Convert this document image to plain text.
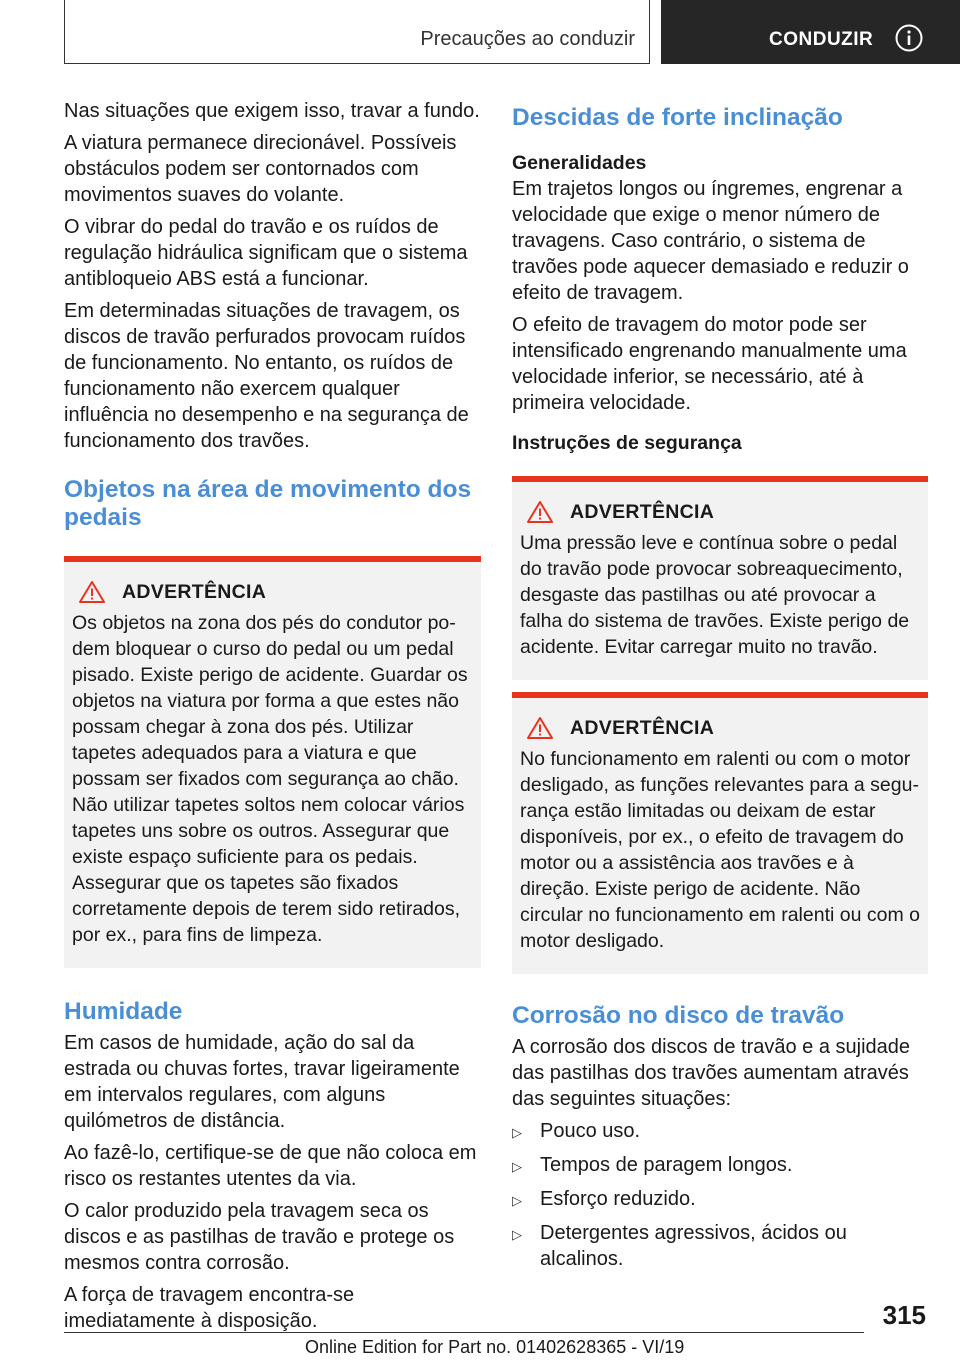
Precauções ao conduzir	CONDUZIR

Nas situações que exigem isso, travar a fundo.

A viatura permanece direcionável. Possíveis obstáculos podem ser contornados com movimentos suaves do volante.

O vibrar do pedal do travão e os ruídos de regulação hidráulica significam que o sistema antibloqueio ABS está a funcionar.

Em determinadas situações de travagem, os discos de travão perfurados provocam ruídos de funcionamento. No entanto, os ruídos de funcionamento não exercem qualquer influência no desempenho e na segurança de funcionamento dos travões.

Objetos na área de movimento dos pedais
ADVERTÊNCIA

Os objetos na zona dos pés do condutor podem bloquear o curso do pedal ou um pedal pisado. Existe perigo de acidente. Guardar os objetos na viatura por forma a que estes não possam chegar à zona dos pés. Utilizar tapetes adequados para a viatura e que possam ser fixados com segurança ao chão. Não utilizar tapetes soltos nem colocar vários tapetes uns sobre os outros. Assegurar que existe espaço suficiente para os pedais. Assegurar que os tapetes são fixados corretamente depois de terem sido retirados, por ex., para fins de limpeza.

Humidade

Em casos de humidade, ação do sal da estrada ou chuvas fortes, travar ligeiramente em intervalos regulares, com alguns quilómetros de distância.

Ao fazê-lo, certifique-se de que não coloca em risco os restantes utentes da via.

O calor produzido pela travagem seca os discos e as pastilhas de travão e protege os mesmos contra corrosão.

A força de travagem encontra-se imediatamente à disposição.

Descidas de forte inclinação
Generalidades

Em trajetos longos ou íngremes, engrenar a velocidade que exige o menor número de travagens. Caso contrário, o sistema de travões pode aquecer demasiado e reduzir o efeito de travagem.

O efeito de travagem do motor pode ser intensificado engrenando manualmente uma velocidade inferior, se necessário, até à primeira velocidade.

Instruções de segurança
ADVERTÊNCIA

Uma pressão leve e contínua sobre o pedal do travão pode provocar sobreaquecimento, desgaste das pastilhas ou até provocar a falha do sistema de travões. Existe perigo de acidente. Evitar carregar muito no travão.

ADVERTÊNCIA

No funcionamento em ralenti ou com o motor desligado, as funções relevantes para a segurança estão limitadas ou deixam de estar disponíveis, por ex., o efeito de travagem do motor ou a assistência aos travões e à direção. Existe perigo de acidente. Não circular no funcionamento em ralenti ou com o motor desligado.

Corrosão no disco de travão

A corrosão dos discos de travão e a sujidade das pastilhas dos travões aumentam através das seguintes situações:

▷ Pouco uso.
▷ Tempos de paragem longos.
▷ Esforço reduzido.
▷ Detergentes agressivos, ácidos ou alcalinos.
315
Online Edition for Part no. 01402628365 - VI/19
